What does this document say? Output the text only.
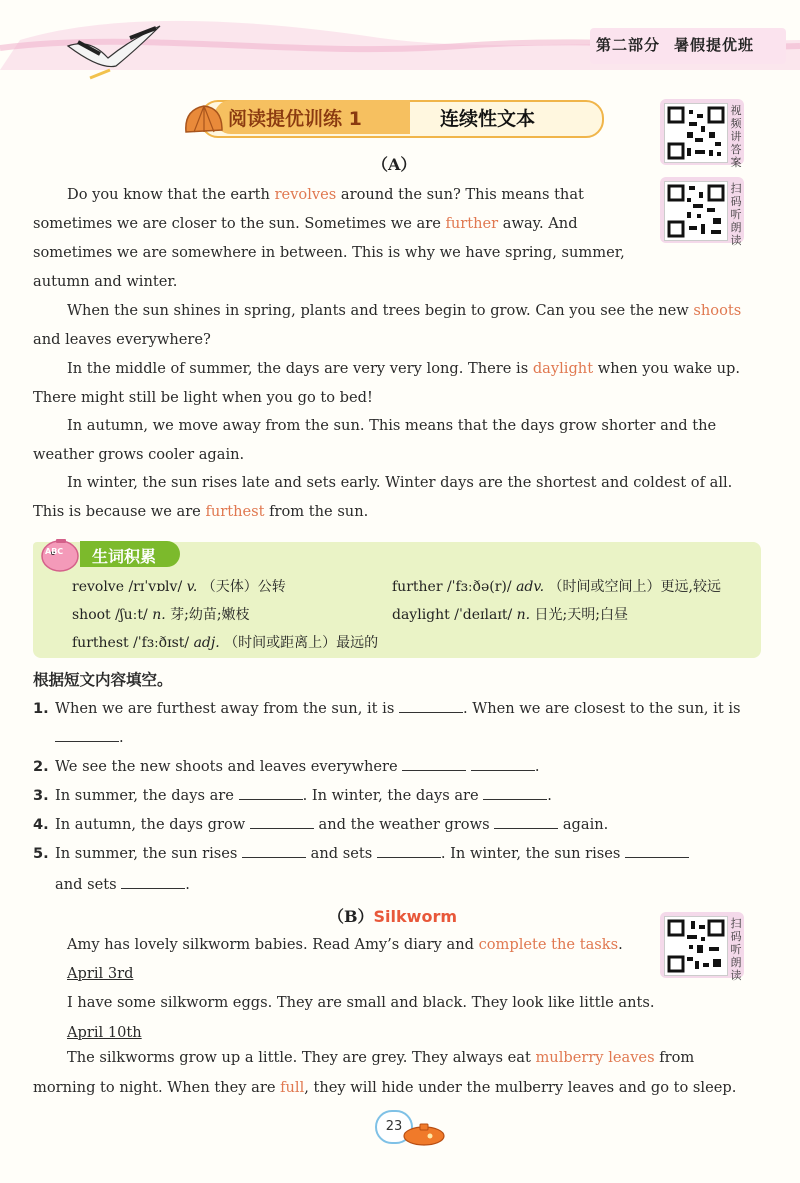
第二部分 暑假提优班
阅读提优训练 1	连续性文本	视频讲答案
扫码听朗读
扫码听朗读
（A）

Do you know that the earth revolves around the sun? This means that sometimes we are closer to the sun. Sometimes we are further away. And sometimes we are somewhere in between. This is why we have spring, summer, autumn and winter.

When the sun shines in spring, plants and trees begin to grow. Can you see the new shoots and leaves everywhere?

In the middle of summer, the days are very very long. There is daylight when you wake up. There might still be light when you go to bed!

In autumn, we move away from the sun. This means that the days grow shorter and the weather grows cooler again.

In winter, the sun rises late and sets early. Winter days are the shortest and coldest of all. This is because we are furthest from the sun.

ABC 生词积累
revolve /rɪˈvɒlv/ v. （天体）公转	further /ˈfɜːðə(r)/ adv. （时间或空间上）更远,较远
shoot /ʃuːt/ n. 芽;幼苗;嫩枝	daylight /ˈdeɪlaɪt/ n. 日光;天明;白昼
furthest /ˈfɜːðɪst/ adj. （时间或距离上）最远的
根据短文内容填空。
1. When we are furthest away from the sun, it is	. When we are closest to the sun, it is
.
2. We see the new shoots and leaves everywhere	.
3. In summer, the days are	. In winter, the days are	.
4. In autumn, the days grow	and the weather grows	again.
5. In summer, the sun rises	and sets	. In winter, the sun rises
and sets	.
（B）Silkworm
Amy has lovely silkworm babies. Read Amy’s diary and complete the tasks.
April 3rd
I have some silkworm eggs. They are small and black. They look like little ants.
April 10th

The silkworms grow up a little. They are grey. They always eat mulberry leaves from morning to night. When they are full, they will hide under the mulberry leaves and go to sleep.

23
